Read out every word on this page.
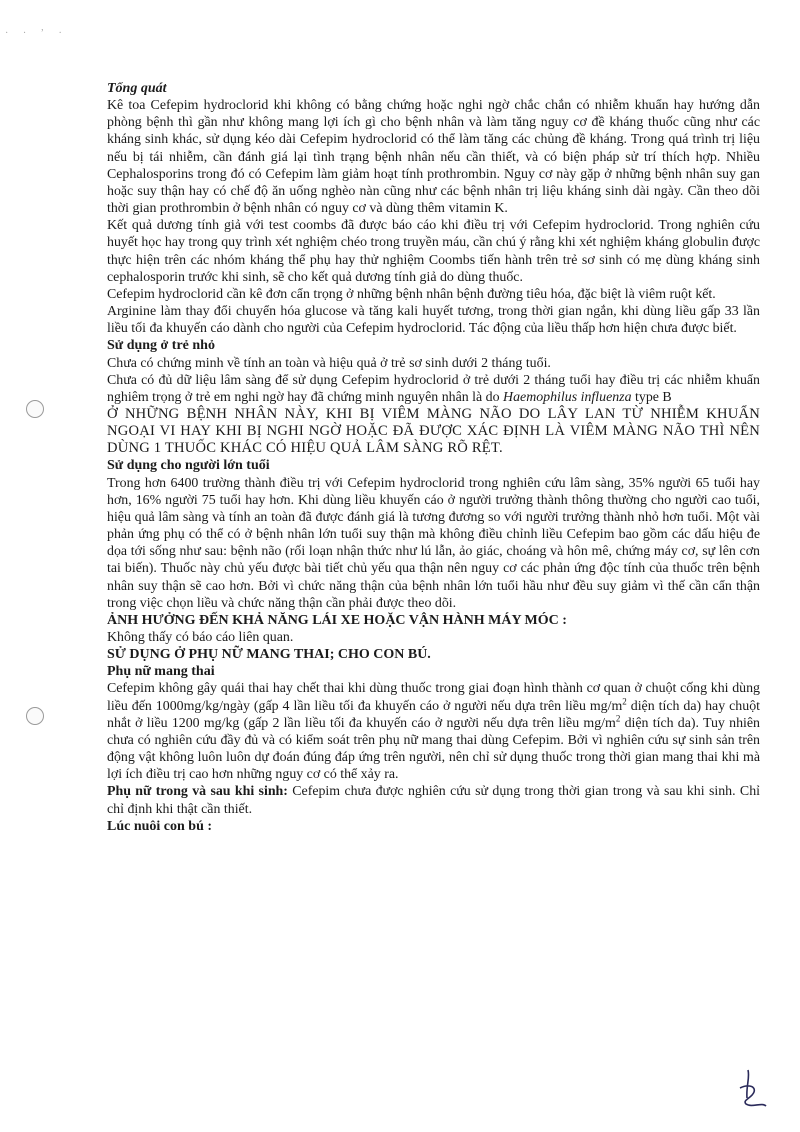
· · ʼ ·
Tổng quát

Kê toa Cefepim hydroclorid khi không có bằng chứng hoặc nghi ngờ chắc chắn có nhiễm khuẩn hay hướng dẫn phòng bệnh thì gần như không mang lợi ích gì cho bệnh nhân và làm tăng nguy cơ đề kháng thuốc cũng như các kháng sinh khác, sử dụng kéo dài Cefepim hydroclorid có thể làm tăng các chủng đề kháng. Trong quá trình trị liệu nếu bị tái nhiễm, cần đánh giá lại tình trạng bệnh nhân nếu cần thiết, và có biện pháp sử trí thích hợp. Nhiều Cephalosporins trong đó có Cefepim làm giảm hoạt tính prothrombin. Nguy cơ này gặp ở những bệnh nhân suy gan hoặc suy thận hay có chế độ ăn uống nghèo nàn cũng như các bệnh nhân trị liệu kháng sinh dài ngày. Cần theo dõi thời gian prothrombin ở bệnh nhân có nguy cơ và dùng thêm vitamin K.

Kết quả dương tính giả với test coombs đã được báo cáo khi điều trị với Cefepim hydroclorid. Trong nghiên cứu huyết học hay trong quy trình xét nghiệm chéo trong truyền máu, cần chú ý rằng khi xét nghiệm kháng globulin được thực hiện trên các nhóm kháng thể phụ hay thử nghiệm Coombs tiến hành trên trẻ sơ sinh có mẹ dùng kháng sinh cephalosporin trước khi sinh, sẽ cho kết quả dương tính giả do dùng thuốc.

Cefepim hydroclorid cần kê đơn cẩn trọng ở những bệnh nhân bệnh đường tiêu hóa, đặc biệt là viêm ruột kết.

Arginine làm thay đổi chuyển hóa glucose và tăng kali huyết tương, trong thời gian ngắn, khi dùng liều gấp 33 lần liều tối đa khuyến cáo dành cho người của Cefepim hydroclorid. Tác động của liều thấp hơn hiện chưa được biết.

Sử dụng ở trẻ nhỏ

Chưa có chứng minh về tính an toàn và hiệu quả ở trẻ sơ sinh dưới 2 tháng tuổi.

Chưa có đủ dữ liệu lâm sàng để sử dụng Cefepim hydroclorid ở trẻ dưới 2 tháng tuổi hay điều trị các nhiễm khuẩn nghiêm trọng ở trẻ em nghi ngờ hay đã chứng minh nguyên nhân là do Haemophilus influenza type B

Ở NHỮNG BỆNH NHÂN NÀY, KHI BỊ VIÊM MÀNG NÃO DO LÂY LAN TỪ NHIỄM KHUẨN NGOẠI VI HAY KHI BỊ NGHI NGỜ HOẶC ĐÃ ĐƯỢC XÁC ĐỊNH LÀ VIÊM MÀNG NÃO THÌ NÊN DÙNG 1 THUỐC KHÁC CÓ HIỆU QUẢ LÂM SÀNG RÕ RỆT.

Sử dụng cho người lớn tuổi

Trong hơn 6400 trường thành điều trị với Cefepim hydroclorid trong nghiên cứu lâm sàng, 35% người 65 tuổi hay hơn, 16% người 75 tuổi hay hơn. Khi dùng liều khuyến cáo ở người trưởng thành thông thường cho người cao tuổi, hiệu quả lâm sàng và tính an toàn đã được đánh giá là tương đương so với người trưởng thành nhỏ hơn tuổi. Một vài phản ứng phụ có thể có ở bệnh nhân lớn tuổi suy thận mà không điều chỉnh liều Cefepim bao gồm các dấu hiệu đe dọa tới sống như sau: bệnh não (rối loạn nhận thức như lú lẫn, ảo giác, choáng và hôn mê, chứng máy cơ, sự lên cơn tai biến). Thuốc này chủ yếu được bài tiết chủ yếu qua thận nên nguy cơ các phản ứng độc tính của thuốc trên bệnh nhân suy thận sẽ cao hơn. Bởi vì chức năng thận của bệnh nhân lớn tuổi hầu như đều suy giảm vì thế cần cẩn thận trong việc chọn liều và chức năng thận cần phải được theo dõi.

ẢNH HƯỞNG ĐẾN KHẢ NĂNG LÁI XE HOẶC VẬN HÀNH MÁY MÓC :

Không thấy có báo cáo liên quan.

SỬ DỤNG Ở PHỤ NỮ MANG THAI; CHO CON BÚ.
Phụ nữ mang thai

Cefepim không gây quái thai hay chết thai khi dùng thuốc trong giai đoạn hình thành cơ quan ở chuột cống khi dùng liều đến 1000mg/kg/ngày (gấp 4 lần liều tối đa khuyến cáo ở người nếu dựa trên liều $mg/m^2$ diện tích da) hay chuột nhắt ở liều 1200 mg/kg (gấp 2 lần liều tối đa khuyến cáo ở người nếu dựa trên liều $mg/m^2$ diện tích da). Tuy nhiên chưa có nghiên cứu đầy đủ và có kiểm soát trên phụ nữ mang thai dùng Cefepim. Bởi vì nghiên cứu sự sinh sản trên động vật không luôn luôn dự đoán đúng đáp ứng trên người, nên chỉ sử dụng thuốc trong thời gian mang thai khi mà lợi ích điều trị cao hơn những nguy cơ có thể xảy ra.

Phụ nữ trong và sau khi sinh: Cefepim chưa được nghiên cứu sử dụng trong thời gian trong và sau khi sinh. Chỉ chỉ định khi thật cần thiết.

Lúc nuôi con bú :
